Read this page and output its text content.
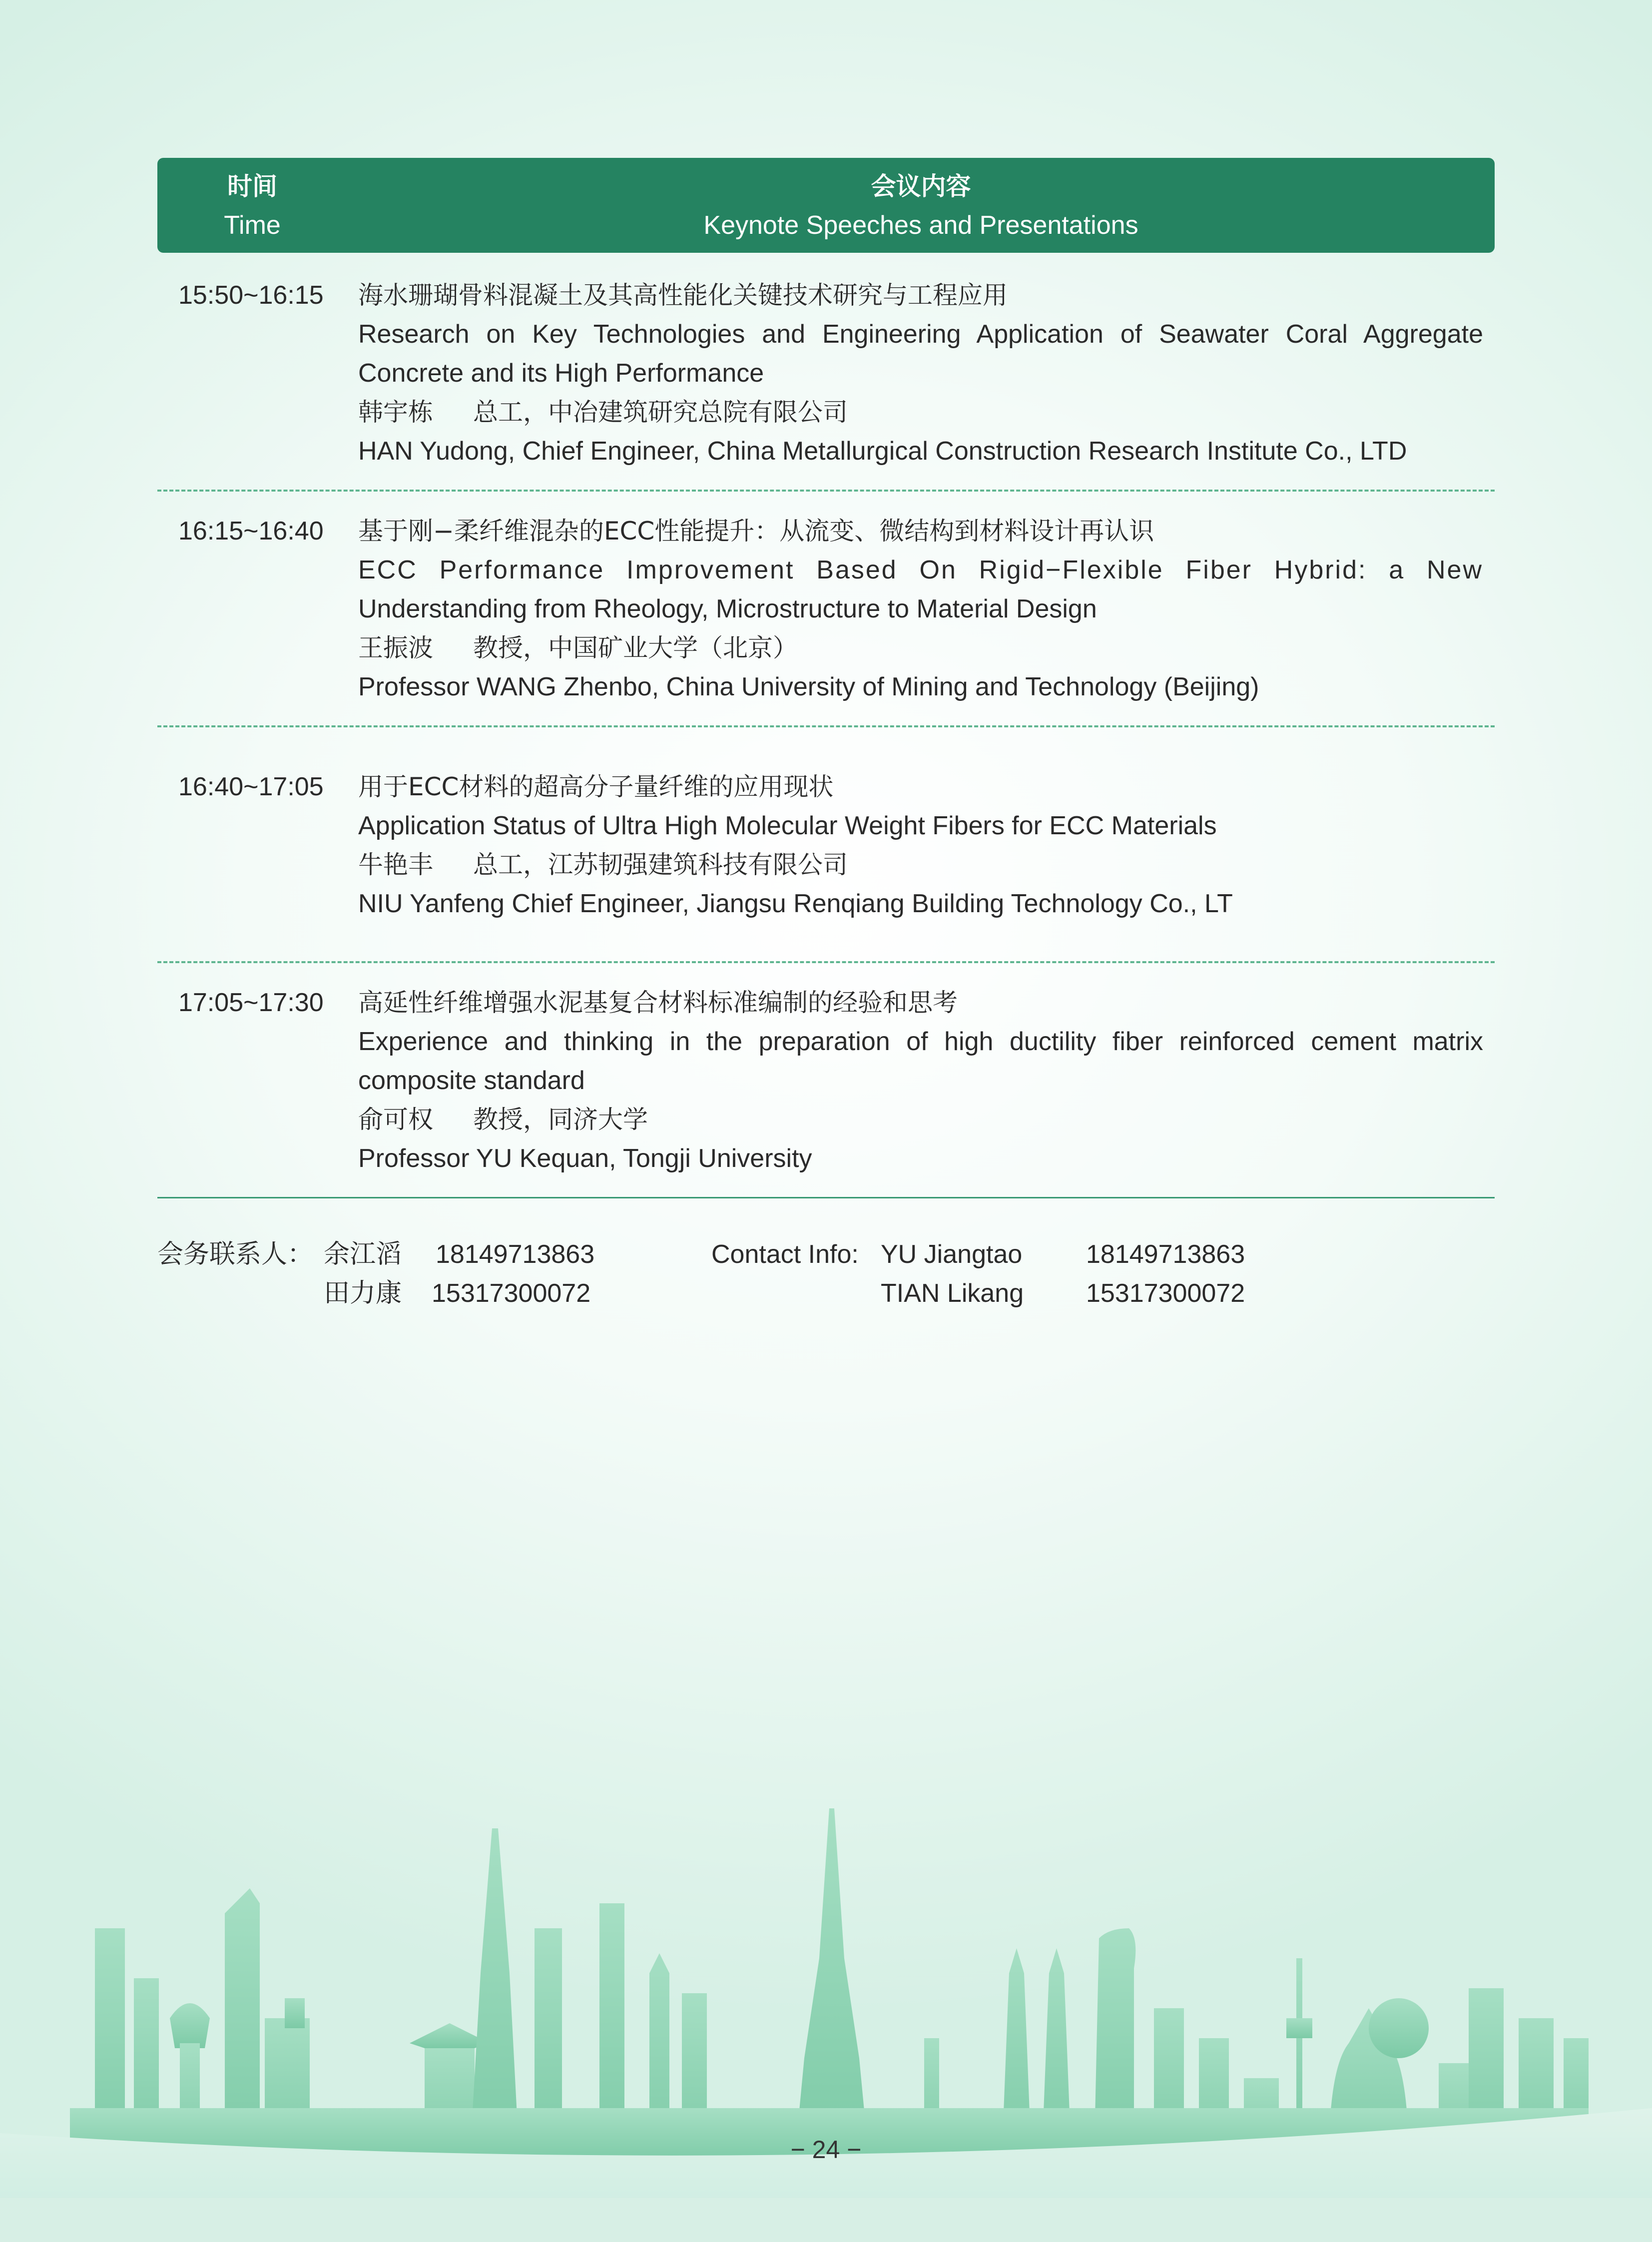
时间
Time
会议内容
Keynote Speeches and Presentations
15:50~16:15 海水珊瑚骨料混凝土及其高性能化关键技术研究与工程应用
Research on Key Technologies and Engineering Application of Seawater Coral Aggregate
Concrete and its High Performance
韩宇栋 总工，中冶建筑研究总院有限公司
HAN Yudong, Chief Engineer, China Metallurgical Construction Research Institute Co., LTD
16:15~16:40 基于刚−柔纤维混杂的ECC性能提升：从流变、微结构到材料设计再认识
ECC Performance Improvement Based On Rigid−Flexible Fiber Hybrid: a New
Understanding from Rheology, Microstructure to Material Design
王振波 教授，中国矿业大学（北京）
Professor WANG Zhenbo, China University of Mining and Technology (Beijing)
16:40~17:05 用于ECC材料的超高分子量纤维的应用现状
Application Status of Ultra High Molecular Weight Fibers for ECC Materials
牛艳丰 总工，江苏韧强建筑科技有限公司
NIU Yanfeng Chief Engineer, Jiangsu Renqiang Building Technology Co., LT
17:05~17:30 高延性纤维增强水泥基复合材料标准编制的经验和思考
Experience and thinking in the preparation of high ductility fiber reinforced cement matrix
composite standard
俞可权 教授，同济大学
Professor YU Kequan, Tongji University
会务联系人： 余江滔 18149713863
田力康 15317300072
Contact Info: YU Jiangtao 18149713863
TIAN Likang 15317300072
− 24 −
